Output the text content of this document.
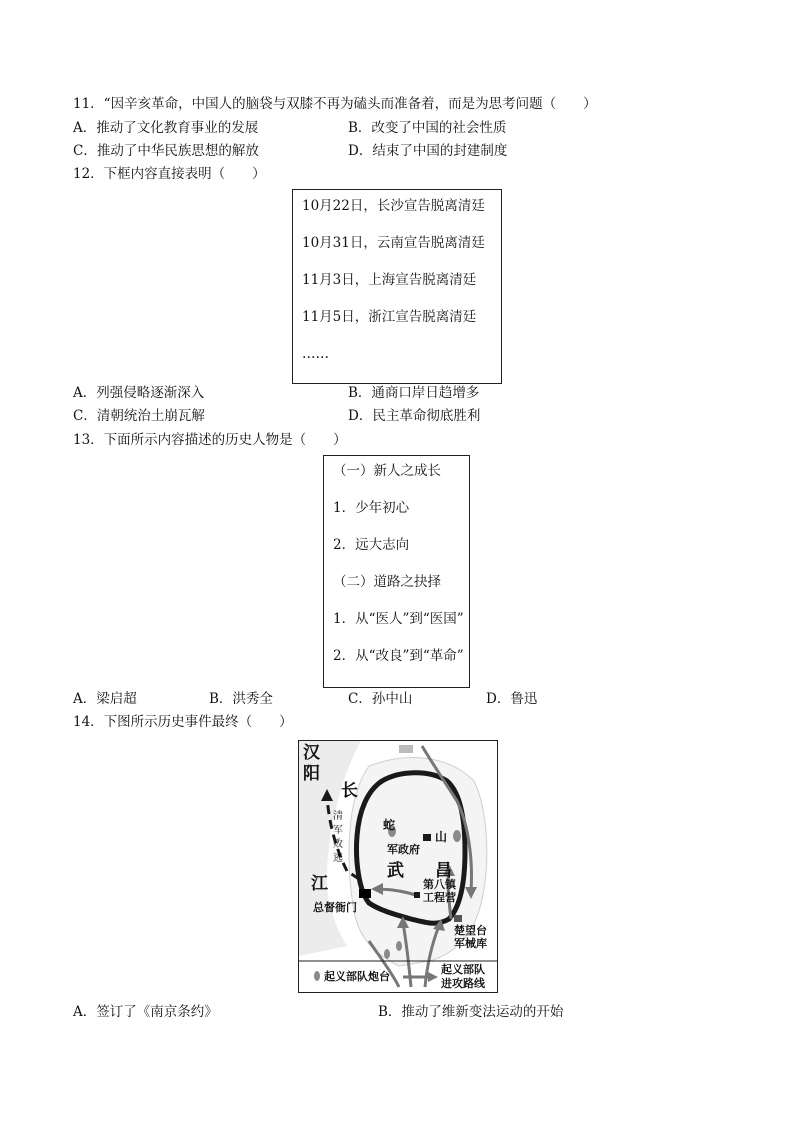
11．“因辛亥革命，中国人的脑袋与双膝不再为磕头而准备着，而是为思考问题（　　）
A．推动了文化教育事业的发展	B．改变了中国的社会性质
C．推动了中华民族思想的解放	D．结束了中国的封建制度
12．下框内容直接表明（　　）
10月22日，长沙宣告脱离清廷
10月31日，云南宣告脱离清廷
11月3日，上海宣告脱离清廷
11月5日，浙江宣告脱离清廷
……
A．列强侵略逐渐深入	B．通商口岸日趋增多
C．清朝统治土崩瓦解	D．民主革命彻底胜利
13．下面所示内容描述的历史人物是（　　）
（一）新人之成长
1．少年初心
2．远大志向
（二）道路之抉择
1．从“医人”到“医国”
2．从“改良”到“革命”
A．梁启超	B．洪秀全	C．孙中山	D．鲁迅
14．下图所示历史事件最终（　　）
汉
阳
长
江
清
军
败
逃
蛇
山
军政府
武 昌
第八镇
工程营
总督衙门
楚望台
军械库
起义部队炮台
起义部队
进攻路线
A．签订了《南京条约》	B．推动了维新变法运动的开始
